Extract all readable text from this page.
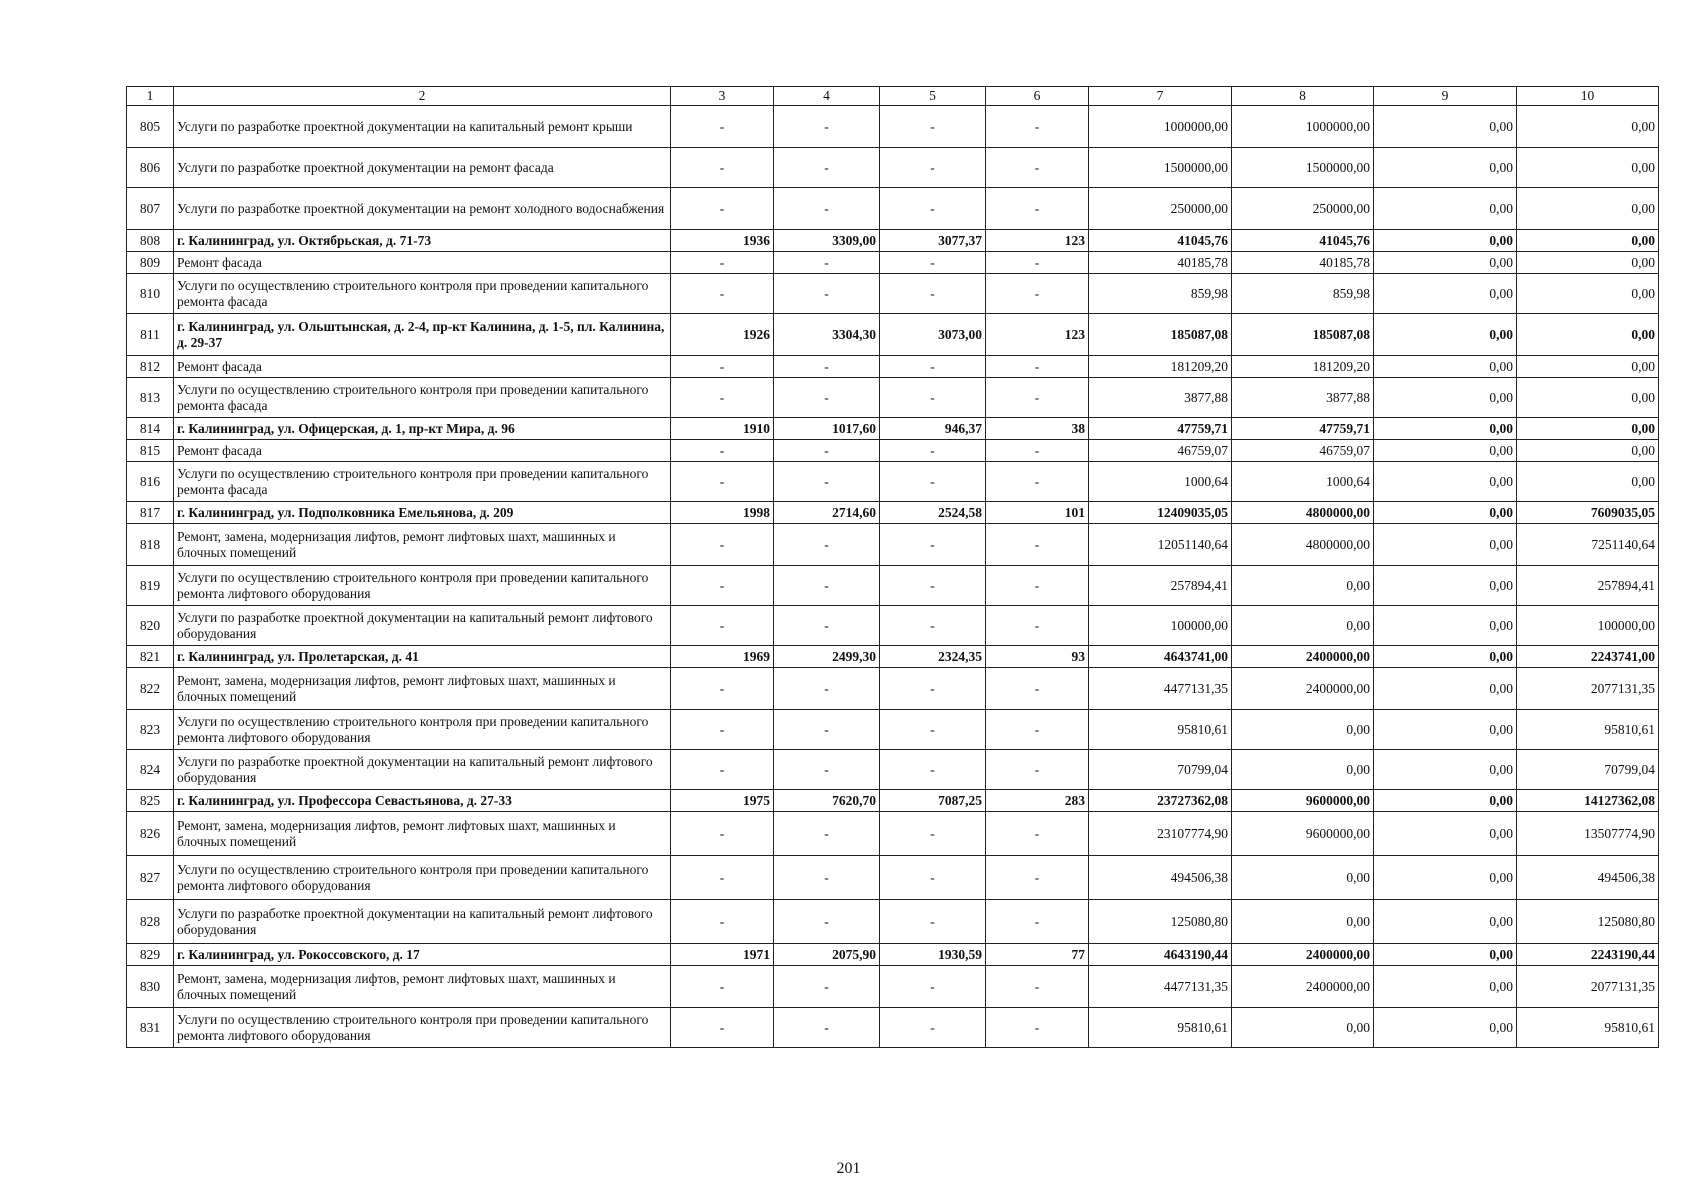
1	2	3	4	5	6	7	8	9	10
805	Услуги по разработке проектной документации на капитальный ремонт крыши	-	-	-	-	1000000,00	1000000,00	0,00	0,00
806	Услуги по разработке проектной документации на ремонт фасада	-	-	-	-	1500000,00	1500000,00	0,00	0,00
807	Услуги по разработке проектной документации на ремонт холодного водоснабжения	-	-	-	-	250000,00	250000,00	0,00	0,00
808	г. Калининград, ул. Октябрьская, д. 71-73	1936	3309,00	3077,37	123	41045,76	41045,76	0,00	0,00
809	Ремонт фасада	-	-	-	-	40185,78	40185,78	0,00	0,00
810	Услуги по осуществлению строительного контроля при проведении капитального ремонта фасада	-	-	-	-	859,98	859,98	0,00	0,00
811	г. Калининград, ул. Ольштынская, д. 2-4, пр-кт Калинина, д. 1-5, пл. Калинина, д. 29-37	1926	3304,30	3073,00	123	185087,08	185087,08	0,00	0,00
812	Ремонт фасада	-	-	-	-	181209,20	181209,20	0,00	0,00
813	Услуги по осуществлению строительного контроля при проведении капитального ремонта фасада	-	-	-	-	3877,88	3877,88	0,00	0,00
814	г. Калининград, ул. Офицерская, д. 1, пр-кт Мира, д. 96	1910	1017,60	946,37	38	47759,71	47759,71	0,00	0,00
815	Ремонт фасада	-	-	-	-	46759,07	46759,07	0,00	0,00
816	Услуги по осуществлению строительного контроля при проведении капитального ремонта фасада	-	-	-	-	1000,64	1000,64	0,00	0,00
817	г. Калининград, ул. Подполковника Емельянова, д. 209	1998	2714,60	2524,58	101	12409035,05	4800000,00	0,00	7609035,05
818	Ремонт, замена, модернизация лифтов, ремонт лифтовых шахт, машинных и блочных помещений	-	-	-	-	12051140,64	4800000,00	0,00	7251140,64
819	Услуги по осуществлению строительного контроля при проведении капитального ремонта лифтового оборудования	-	-	-	-	257894,41	0,00	0,00	257894,41
820	Услуги по разработке проектной документации на капитальный ремонт лифтового оборудования	-	-	-	-	100000,00	0,00	0,00	100000,00
821	г. Калининград, ул. Пролетарская, д. 41	1969	2499,30	2324,35	93	4643741,00	2400000,00	0,00	2243741,00
822	Ремонт, замена, модернизация лифтов, ремонт лифтовых шахт, машинных и блочных помещений	-	-	-	-	4477131,35	2400000,00	0,00	2077131,35
823	Услуги по осуществлению строительного контроля при проведении капитального ремонта лифтового оборудования	-	-	-	-	95810,61	0,00	0,00	95810,61
824	Услуги по разработке проектной документации на капитальный ремонт лифтового оборудования	-	-	-	-	70799,04	0,00	0,00	70799,04
825	г. Калининград, ул. Профессора Севастьянова, д. 27-33	1975	7620,70	7087,25	283	23727362,08	9600000,00	0,00	14127362,08
826	Ремонт, замена, модернизация лифтов, ремонт лифтовых шахт, машинных и блочных помещений	-	-	-	-	23107774,90	9600000,00	0,00	13507774,90
827	Услуги по осуществлению строительного контроля при проведении капитального ремонта лифтового оборудования	-	-	-	-	494506,38	0,00	0,00	494506,38
828	Услуги по разработке проектной документации на капитальный ремонт лифтового оборудования	-	-	-	-	125080,80	0,00	0,00	125080,80
829	г. Калининград, ул. Рокоссовского, д. 17	1971	2075,90	1930,59	77	4643190,44	2400000,00	0,00	2243190,44
830	Ремонт, замена, модернизация лифтов, ремонт лифтовых шахт, машинных и блочных помещений	-	-	-	-	4477131,35	2400000,00	0,00	2077131,35
831	Услуги по осуществлению строительного контроля при проведении капитального ремонта лифтового оборудования	-	-	-	-	95810,61	0,00	0,00	95810,61
201
